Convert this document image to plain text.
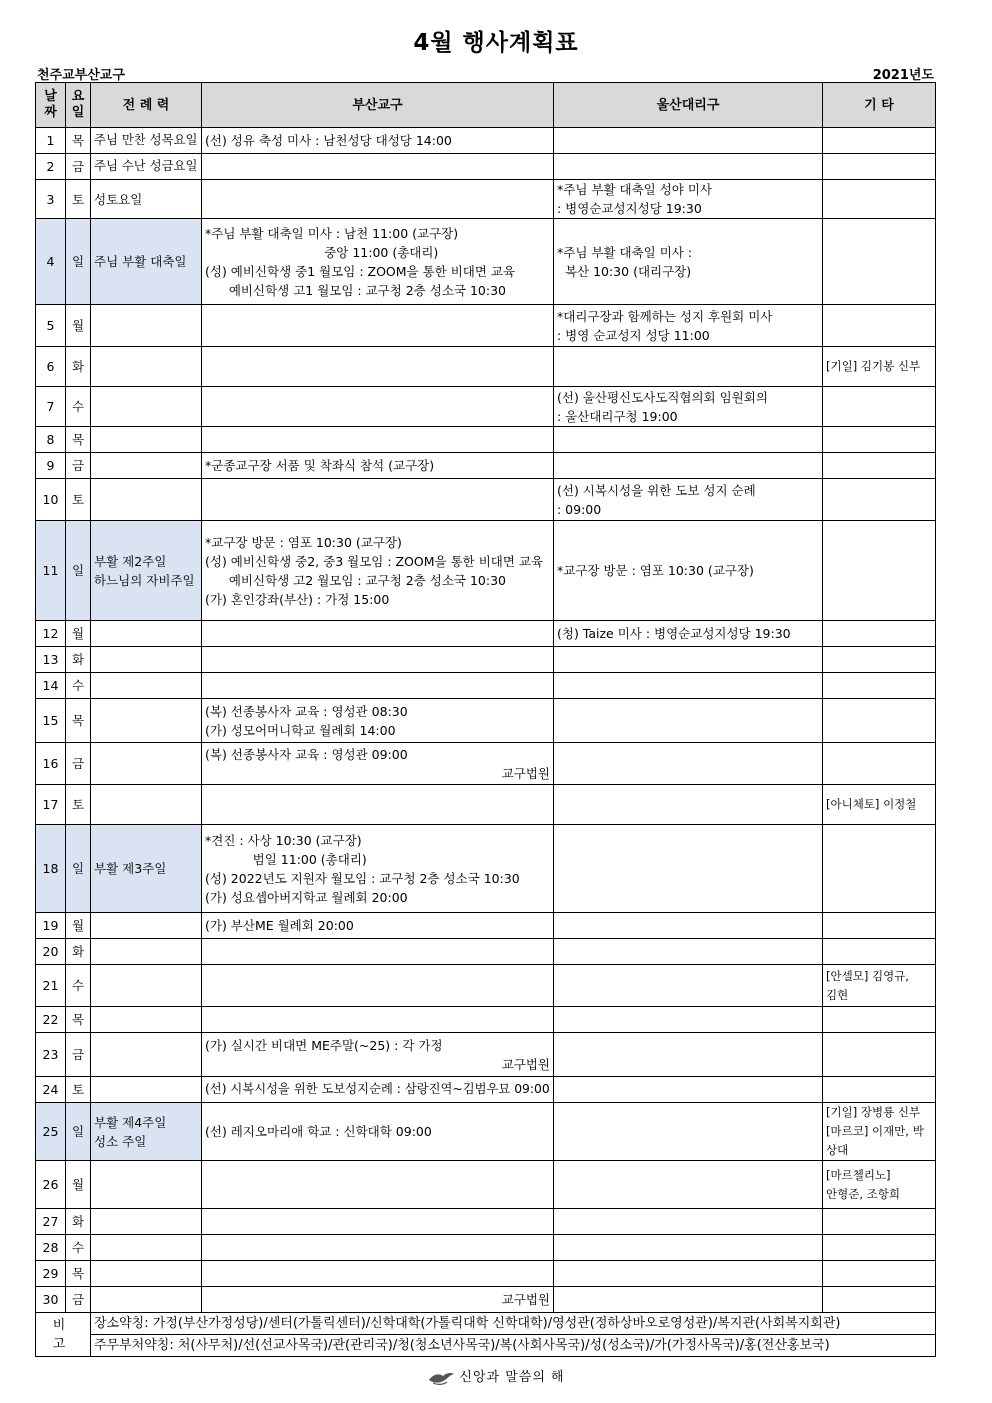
4월 행사계획표
천주교부산교구	2021년도
날짜	요일	전 례 력	부산교구	울산대리구	기 타
1	목	주님 만찬 성목요일	(선) 성유 축성 미사 : 남천성당 대성당 14:00		

2	금	주님 수난 성금요일			

3	토	성토요일		*주님 부활 대축일 성야 미사
: 병영순교성지성당 19:30	

4	일	주님 부활 대축일	*주님 부활 대축일 미사 : 남천 11:00 (교구장)
중앙 11:00 (총대리)
(성) 예비신학생 중1 월모임 : ZOOM을 통한 비대면 교육
예비신학생 고1 월모임 : 교구청 2층 성소국 10:30	*주님 부활 대축일 미사 :
복산 10:30 (대리구장)	

5	월			*대리구장과 함께하는 성지 후원회 미사
: 병영 순교성지 성당 11:00	

6	화				[기일] 김기봉 신부

7	수			(선) 울산평신도사도직협의회 임원회의
: 울산대리구청 19:00	

8	목				
9	금		*군종교구장 서품 및 착좌식 참석 (교구장)		

10	토			(선) 시복시성을 위한 도보 성지 순례
: 09:00	

11	일	부활 제2주일
하느님의 자비주일	*교구장 방문 : 염포 10:30 (교구장)
(성) 예비신학생 중2, 중3 월모임 : ZOOM을 통한 비대면 교육
예비신학생 고2 월모임 : 교구청 2층 성소국 10:30
(가) 혼인강좌(부산) : 가정 15:00	*교구장 방문 : 염포 10:30 (교구장)	

12	월			(청) Taize 미사 : 병영순교성지성당 19:30	

13	화				
14	수				
15	목		(복) 선종봉사자 교육 : 영성관 08:30
(가) 성모어머니학교 월례회 14:00		

16	금		(복) 선종봉사자 교육 : 영성관 09:00
교구법원		

17	토				[아니체토] 이정철

18	일	부활 제3주일	*견진 : 사상 10:30 (교구장)
범일 11:00 (총대리)
(성) 2022년도 지원자 월모임 : 교구청 2층 성소국 10:30
(가) 성요셉아버지학교 월례회 20:00		

19	월		(가) 부산ME 월례회 20:00		

20	화				
21	수				[안셀모] 김영규,
김현

22	목				
23	금		(가) 실시간 비대면 ME주말(~25) : 각 가정
교구법원		

24	토		(선) 시복시성을 위한 도보성지순례 : 삼랑진역~김범우묘 09:00		

25	일	부활 제4주일
성소 주일	(선) 레지오마리애 학교 : 신학대학 09:00		[기일] 장병룡 신부
[마르코] 이재만, 박상대

26	월				[마르첼리노]
안형준, 조항희

27	화				
28	수				
29	목				
30	금		교구법원		

비 고		장소약칭: 가정(부산가정성당)/센터(가톨릭센터)/신학대학(가톨릭대학 신학대학)/영성관(정하상바오로영성관)/복지관(사회복지회관)			
		주무부처약칭: 처(사무처)/선(선교사목국)/관(관리국)/청(청소년사목국)/복(사회사목국)/성(성소국)/가(가정사목국)/홍(전산홍보국)			
신앙과 말씀의 해
